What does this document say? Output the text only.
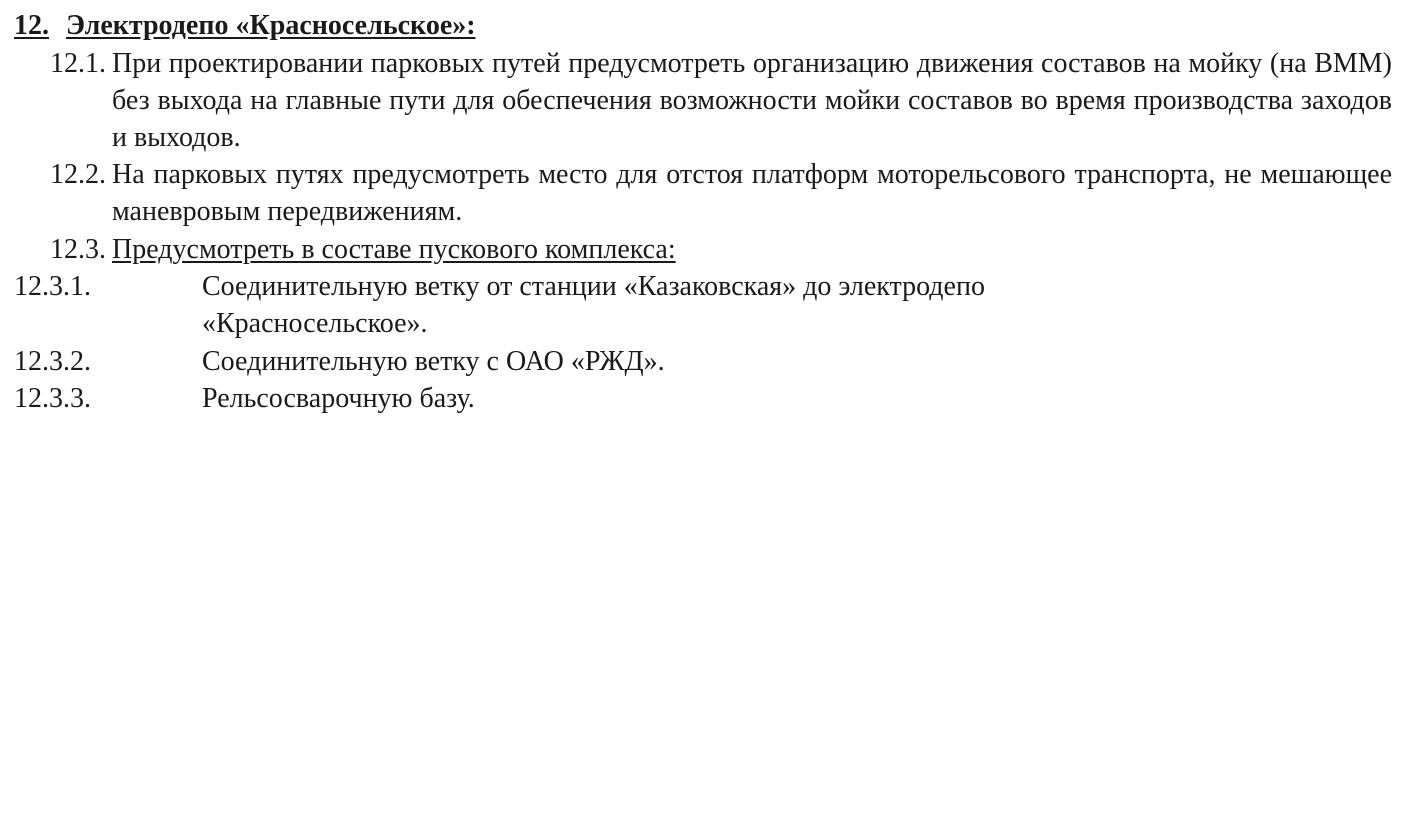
12. Электродепо «Красносельское»:
12.1. При проектировании парковых путей предусмотреть организацию движения составов на мойку (на ВММ) без выхода на главные пути для обеспечения возможности мойки составов во время производства заходов и выходов.
12.2. На парковых путях предусмотреть место для отстоя платформ моторельсового транспорта, не мешающее маневровым передвижениям.
12.3. Предусмотреть в составе пускового комплекса:
12.3.1.	Соединительную ветку от станции «Казаковская» до электродепо

«Красносельское».

12.3.2.	Соединительную ветку с ОАО «РЖД».
12.3.3.	Рельсосварочную базу.
